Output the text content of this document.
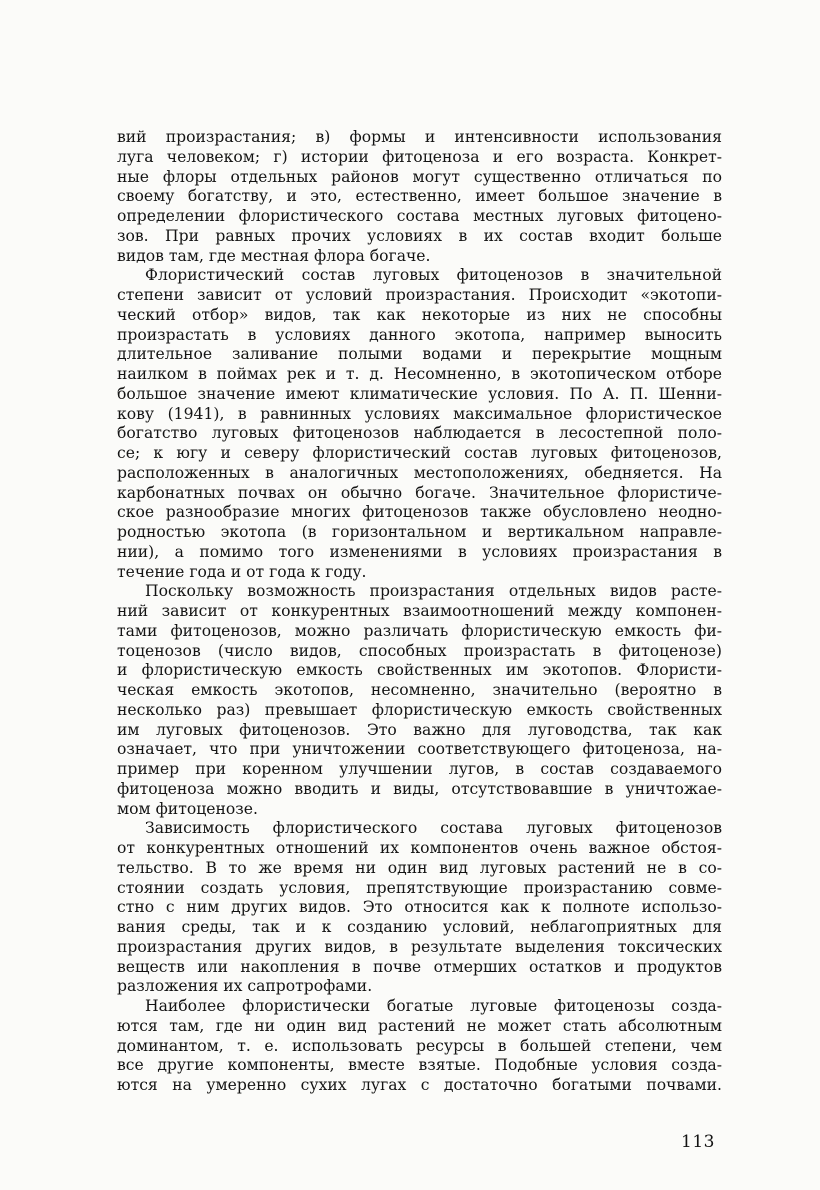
вий произрастания; в) формы и интенсивности использования
луга человеком; г) истории фитоценоза и его возраста. Конкрет-
ные флоры отдельных районов могут существенно отличаться по
своему богатству, и это, естественно, имеет большое значение в
определении флористического состава местных луговых фитоцено-
зов. При равных прочих условиях в их состав входит больше
видов там, где местная флора богаче.

Флористический состав луговых фитоценозов в значительной
степени зависит от условий произрастания. Происходит «экотопи-
ческий отбор» видов, так как некоторые из них не способны
произрастать в условиях данного экотопа, например выносить
длительное заливание полыми водами и перекрытие мощным
наилком в поймах рек и т. д. Несомненно, в экотопическом отборе
большое значение имеют климатические условия. По А. П. Шенни-
кову (1941), в равнинных условиях максимальное флористическое
богатство луговых фитоценозов наблюдается в лесостепной поло-
се; к югу и северу флористический состав луговых фитоценозов,
расположенных в аналогичных местоположениях, обедняется. На
карбонатных почвах он обычно богаче. Значительное флористиче-
ское разнообразие многих фитоценозов также обусловлено неодно-
родностью экотопа (в горизонтальном и вертикальном направле-
нии), а помимо того изменениями в условиях произрастания в
течение года и от года к году.

Поскольку возможность произрастания отдельных видов расте-
ний зависит от конкурентных взаимоотношений между компонен-
тами фитоценозов, можно различать флористическую емкость фи-
тоценозов (число видов, способных произрастать в фитоценозе)
и флористическую емкость свойственных им экотопов. Флористи-
ческая емкость экотопов, несомненно, значительно (вероятно в
несколько раз) превышает флористическую емкость свойственных
им луговых фитоценозов. Это важно для луговодства, так как
означает, что при уничтожении соответствующего фитоценоза, на-
пример при коренном улучшении лугов, в состав создаваемого
фитоценоза можно вводить и виды, отсутствовавшие в уничтожае-
мом фитоценозе.

Зависимость флористического состава луговых фитоценозов
от конкурентных отношений их компонентов очень важное обстоя-
тельство. В то же время ни один вид луговых растений не в со-
стоянии создать условия, препятствующие произрастанию совме-
стно с ним других видов. Это относится как к полноте использо-
вания среды, так и к созданию условий, неблагоприятных для
произрастания других видов, в результате выделения токсических
веществ или накопления в почве отмерших остатков и продуктов
разложения их сапротрофами.

Наиболее флористически богатые луговые фитоценозы созда-
ются там, где ни один вид растений не может стать абсолютным
доминантом, т. е. использовать ресурсы в большей степени, чем
все другие компоненты, вместе взятые. Подобные условия созда-
ются на умеренно сухих лугах с достаточно богатыми почвами.

113
